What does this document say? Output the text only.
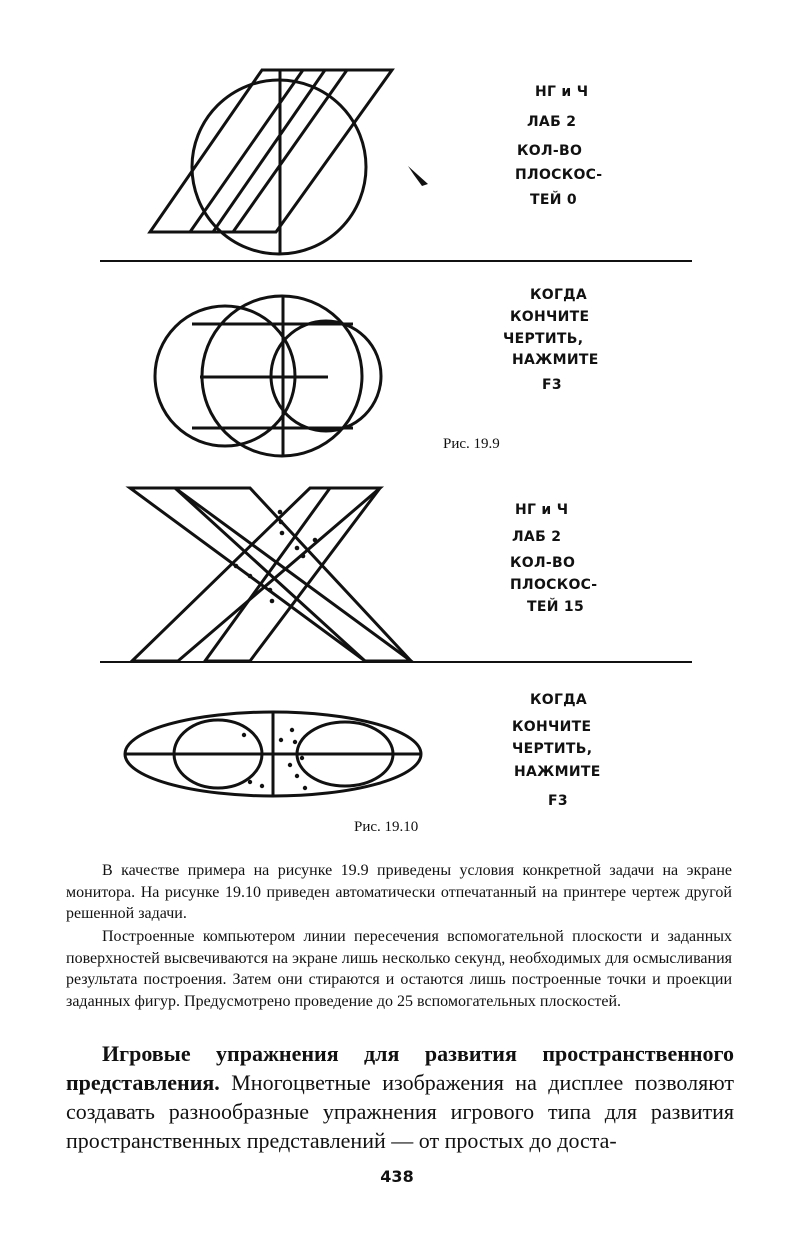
НГ и Ч
ЛАБ 2
КОЛ-ВО
ПЛОСКОС-
ТЕЙ 0
КОГДА
КОНЧИТЕ
ЧЕРТИТЬ,
НАЖМИТЕ
F3
Рис. 19.9
НГ и Ч
ЛАБ 2
КОЛ-ВО
ПЛОСКОС-
ТЕЙ 15
КОГДА
КОНЧИТЕ
ЧЕРТИТЬ,
НАЖМИТЕ
F3
Рис. 19.10

В качестве примера на рисунке 19.9 приведены условия конкретной задачи на экране монитора. На рисунке 19.10 приведен автоматически отпечатанный на принтере чертеж другой решенной задачи.

Построенные компьютером линии пересечения вспомогательной плоскости и заданных поверхностей высвечиваются на экране лишь несколько секунд, необходимых для осмысливания результата построения. Затем они стираются и остаются лишь построенные точки и проекции заданных фигур. Предусмотрено проведение до 25 вспомогательных плоскостей.

Игровые упражнения для развития пространственного представления. Многоцветные изображения на дисплее позволяют создавать разнообразные упражнения игрового типа для развития пространственных представлений — от простых до доста-

438
